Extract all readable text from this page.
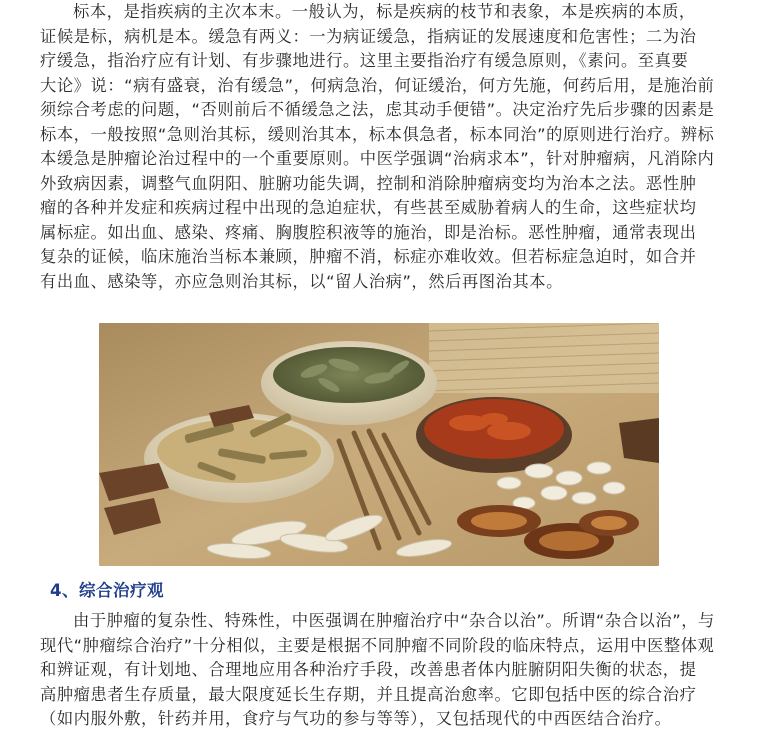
标本，是指疾病的主次本末。一般认为，标是疾病的枝节和表象，本是疾病的本质，
证候是标，病机是本。缓急有两义：一为病证缓急，指病证的发展速度和危害性；二为治
疗缓急，指治疗应有计划、有步骤地进行。这里主要指治疗有缓急原则，《素问。至真要
大论》说：“病有盛衰，治有缓急”，何病急治，何证缓治，何方先施，何药后用，是施治前
须综合考虑的问题，“否则前后不循缓急之法，虑其动手便错”。决定治疗先后步骤的因素是
标本，一般按照“急则治其标，缓则治其本，标本俱急者，标本同治”的原则进行治疗。辨标
本缓急是肿瘤论治过程中的一个重要原则。中医学强调“治病求本”，针对肿瘤病，凡消除内
外致病因素，调整气血阴阳、脏腑功能失调，控制和消除肿瘤病变均为治本之法。恶性肿
瘤的各种并发症和疾病过程中出现的急迫症状，有些甚至威胁着病人的生命，这些症状均
属标症。如出血、感染、疼痛、胸腹腔积液等的施治，即是治标。恶性肿瘤，通常表现出
复杂的证候，临床施治当标本兼顾，肿瘤不消，标症亦难收效。但若标症急迫时，如合并
有出血、感染等，亦应急则治其标，以“留人治病”，然后再图治其本。
4、综合治疗观
由于肿瘤的复杂性、特殊性，中医强调在肿瘤治疗中“杂合以治”。所谓“杂合以治”，与
现代“肿瘤综合治疗”十分相似，主要是根据不同肿瘤不同阶段的临床特点，运用中医整体观
和辨证观，有计划地、合理地应用各种治疗手段，改善患者体内脏腑阴阳失衡的状态，提
高肿瘤患者生存质量，最大限度延长生存期，并且提高治愈率。它即包括中医的综合治疗
（如内服外敷，针药并用，食疗与气功的参与等等），又包括现代的中西医结合治疗。
